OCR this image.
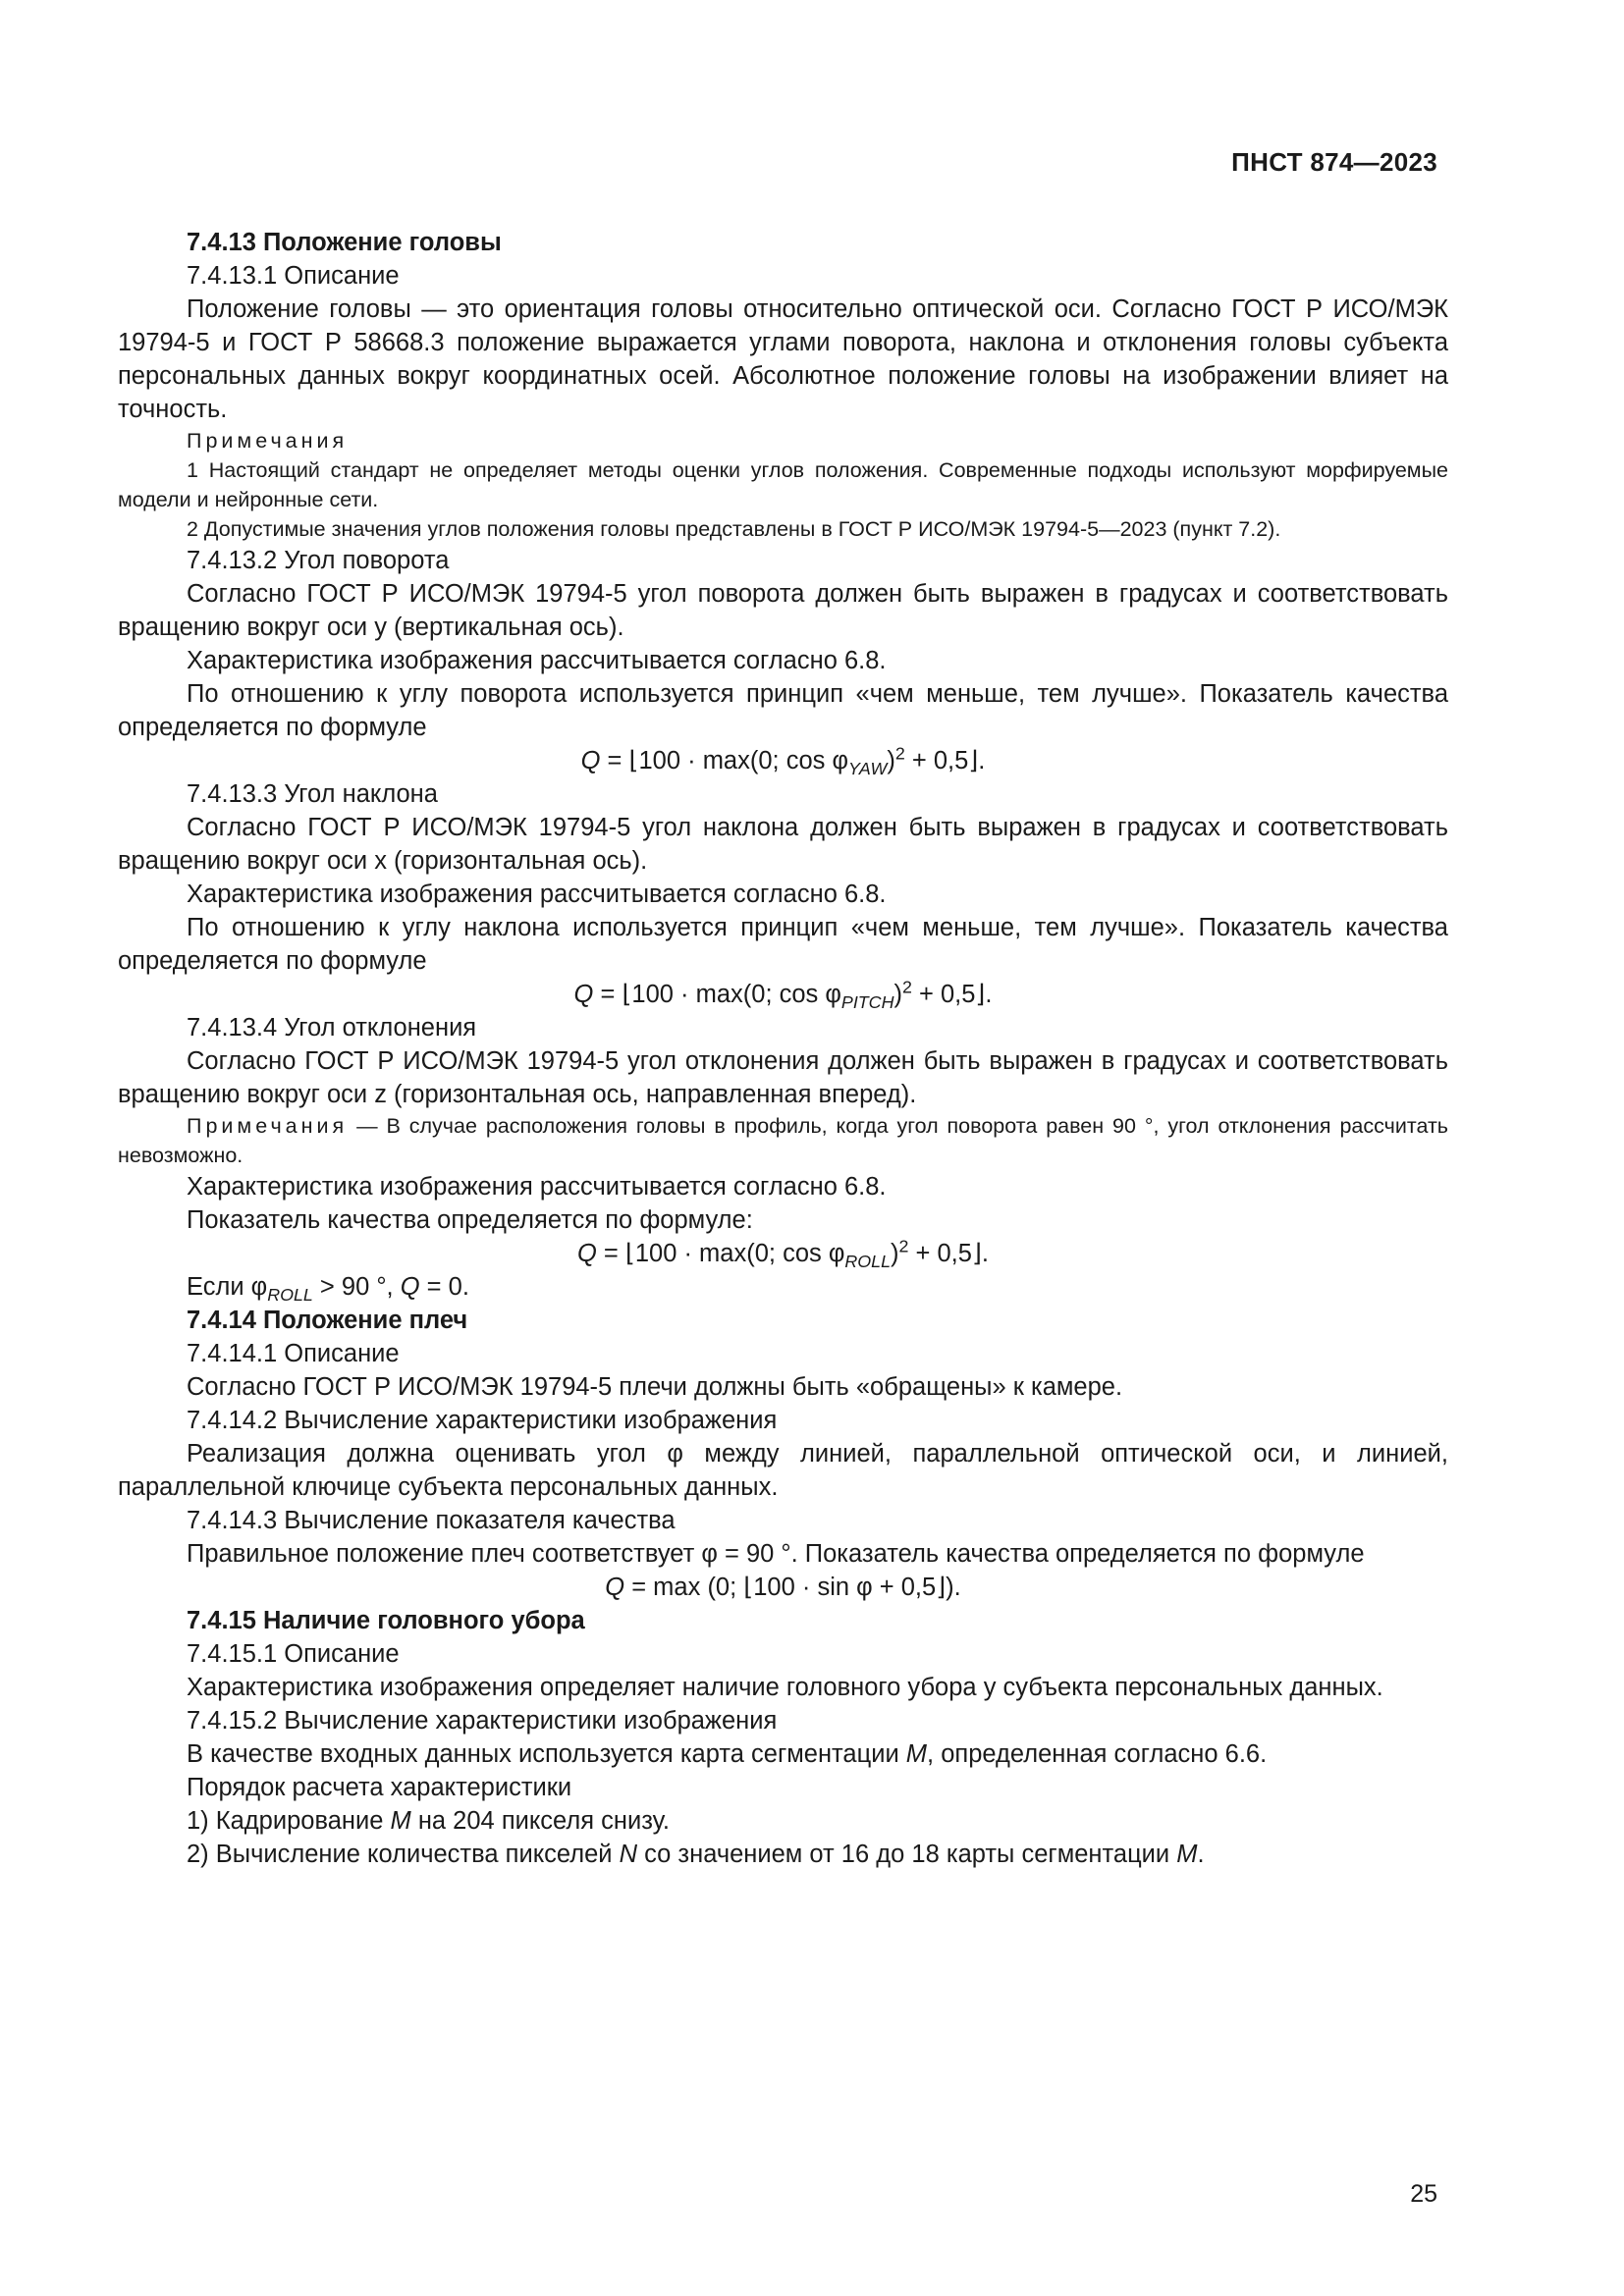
ПНСТ 874—2023

7.4.13 Положение головы

7.4.13.1 Описание

Положение головы — это ориентация головы относительно оптической оси. Согласно ГОСТ Р ИСО/МЭК 19794-5 и ГОСТ Р 58668.3 положение выражается углами поворота, наклона и отклонения головы субъекта персональных данных вокруг координатных осей. Абсолютное положение головы на изображении влияет на точность.

Примечания

1 Настоящий стандарт не определяет методы оценки углов положения. Современные подходы используют морфируемые модели и нейронные сети.

2 Допустимые значения углов положения головы представлены в ГОСТ Р ИСО/МЭК 19794-5—2023 (пункт 7.2).

7.4.13.2 Угол поворота

Согласно ГОСТ Р ИСО/МЭК 19794-5 угол поворота должен быть выражен в градусах и соответствовать вращению вокруг оси y (вертикальная ось).

Характеристика изображения рассчитывается согласно 6.8.

По отношению к углу поворота используется принцип «чем меньше, тем лучше». Показатель качества определяется по формуле

Q = ⌊ 100 · max(0; $\cos \varphi_{YAW})^2$ + 0,5⌋.

7.4.13.3 Угол наклона

Согласно ГОСТ Р ИСО/МЭК 19794-5 угол наклона должен быть выражен в градусах и соответствовать вращению вокруг оси x (горизонтальная ось).

Характеристика изображения рассчитывается согласно 6.8.

По отношению к углу наклона используется принцип «чем меньше, тем лучше». Показатель качества определяется по формуле

Q = ⌊ 100 · max(0; $\cos \varphi_{PITCH})^2$ + 0,5⌋.

7.4.13.4 Угол отклонения

Согласно ГОСТ Р ИСО/МЭК 19794-5 угол отклонения должен быть выражен в градусах и соответствовать вращению вокруг оси z (горизонтальная ось, направленная вперед).

Примечания — В случае расположения головы в профиль, когда угол поворота равен 90 °, угол отклонения рассчитать невозможно.

Характеристика изображения рассчитывается согласно 6.8.

Показатель качества определяется по формуле:

Q = ⌊ 100 · max(0; $\cos \varphi_{ROLL})^2$ + 0,5⌋.

Если $\varphi_{ROLL} > 90$ °, Q = 0.

7.4.14 Положение плеч

7.4.14.1 Описание

Согласно ГОСТ Р ИСО/МЭК 19794-5 плечи должны быть «обращены» к камере.

7.4.14.2 Вычисление характеристики изображения

Реализация должна оценивать угол φ между линией, параллельной оптической оси, и линией, параллельной ключице субъекта персональных данных.

7.4.14.3 Вычисление показателя качества

Правильное положение плеч соответствует φ = 90 °. Показатель качества определяется по формуле

Q = max (0; ⌊ 100 · sin φ + 0,5⌋).

7.4.15 Наличие головного убора

7.4.15.1 Описание

Характеристика изображения определяет наличие головного убора у субъекта персональных данных.

7.4.15.2 Вычисление характеристики изображения

В качестве входных данных используется карта сегментации M, определенная согласно 6.6.

Порядок расчета характеристики

1) Кадрирование M на 204 пикселя снизу.

2) Вычисление количества пикселей N со значением от 16 до 18 карты сегментации M.

25
